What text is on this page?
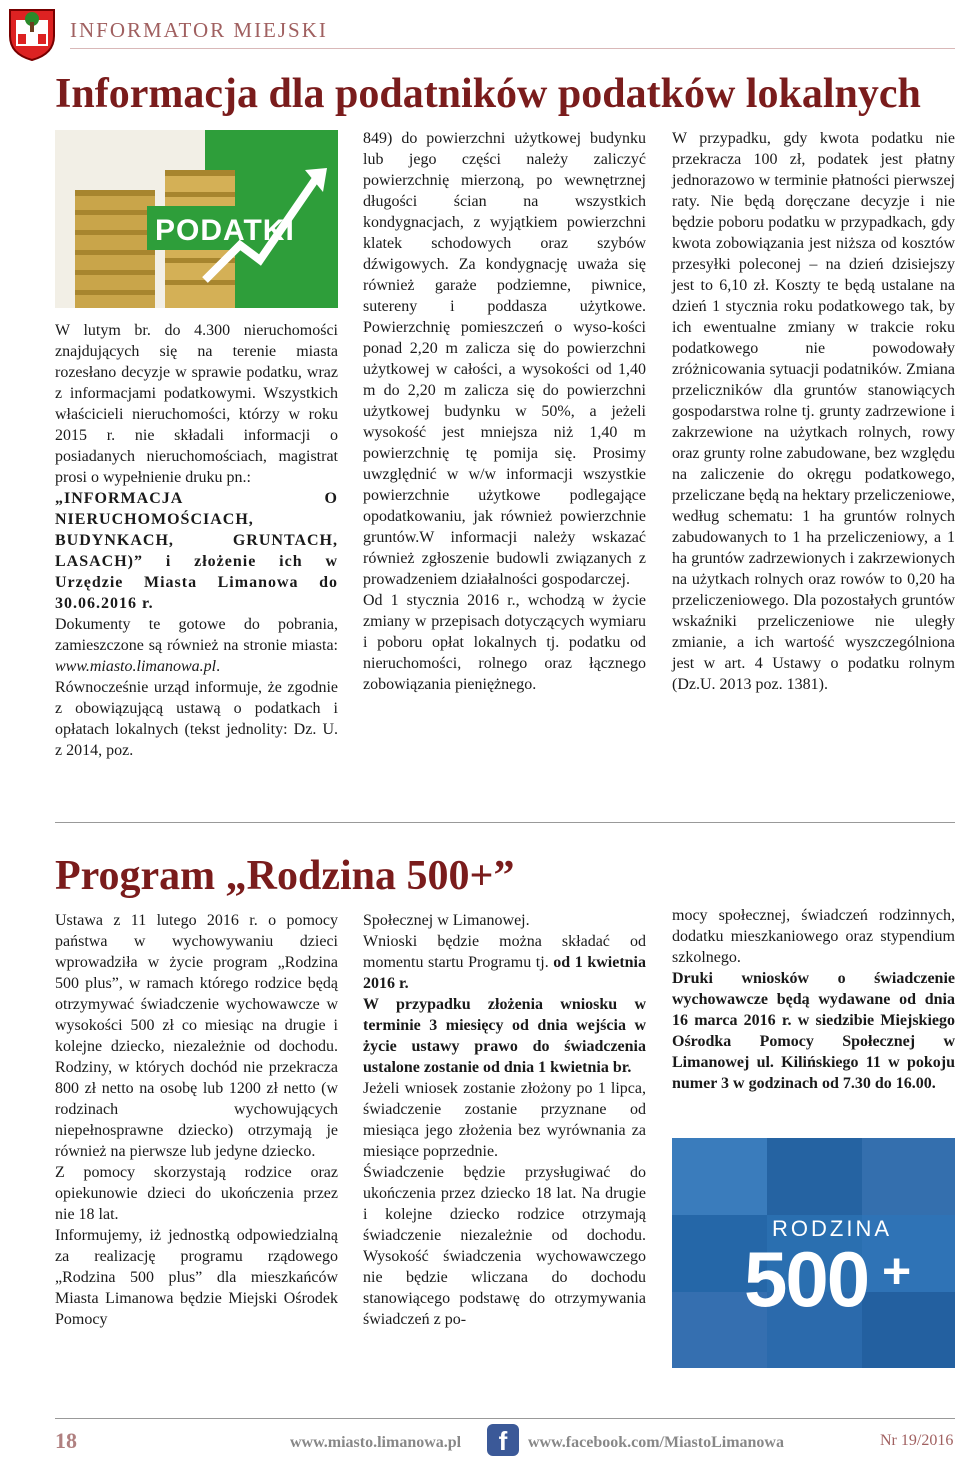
INFORMATOR MIEJSKI
Informacja dla podatników podatków lokalnych
PODATKI

W lutym br. do 4.300 nieruchomości znajdujących się na terenie miasta rozesłano decyzje w sprawie podatku, wraz z informacjami podatkowymi. Wszystkich właścicieli nieruchomości, którzy w roku 2015 r. nie składali informacji o posiadanych nieruchomościach, magistrat prosi o wypełnienie druku pn.:

„INFORMACJA O NIERUCHOMOŚCIACH, BUDYNKACH, GRUNTACH, LASACH)” i złożenie ich w Urzędzie Miasta Limanowa do 30.06.2016 r.

Dokumenty te gotowe do pobrania, zamieszczone są również na stronie miasta: www.miasto.limanowa.pl.

Równocześnie urząd informuje, że zgodnie z obowiązującą ustawą o podatkach i opłatach lokalnych (tekst jednolity: Dz. U. z 2014, poz.

849) do powierzchni użytkowej budynku lub jego części należy zaliczyć powierzchnię mierzoną, po wewnętrznej długości ścian na wszystkich kondygnacjach, z wyjątkiem powierzchni klatek schodowych oraz szybów dźwigowych. Za kondygnację uważa się również garaże podziemne, piwnice, sutereny i poddasza użytkowe. Powierzchnię pomieszczeń o wyso-kości ponad 2,20 m zalicza się do powierzchni użytkowej w całości, a wysokości od 1,40 m do 2,20 m zalicza się do powierzchni użytkowej budynku w 50%, a jeżeli wysokość jest mniejsza niż 1,40 m powierzchnię tę pomija się. Prosimy uwzględnić w w/w informacji wszystkie powierzchnie użytkowe podlegające opodatkowaniu, jak również powierzchnie gruntów.W informacji należy wskazać również zgłoszenie budowli związanych z prowadzeniem działalności gospodarczej.

Od 1 stycznia 2016 r., wchodzą w życie zmiany w przepisach dotyczących wymiaru i poboru opłat lokalnych tj. podatku od nieruchomości, rolnego oraz łącznego zobowiązania pieniężnego.

W przypadku, gdy kwota podatku nie przekracza 100 zł, podatek jest płatny jednorazowo w terminie płatności pierwszej raty. Nie będą doręczane decyzje i nie będzie poboru podatku w przypadkach, gdy kwota zobowiązania jest niższa od kosztów przesyłki poleconej – na dzień dzisiejszy jest to 6,10 zł. Koszty te będą ustalane na dzień 1 stycznia roku podatkowego tak, by ich ewentualne zmiany w trakcie roku podatkowego nie powodowały zróżnicowania sytuacji podatników. Zmiana przeliczników dla gruntów stanowiących gospodarstwa rolne tj. grunty zadrzewione i zakrzewione na użytkach rolnych, rowy oraz grunty rolne zabudowane, bez względu na zaliczenie do okręgu podatkowego, przeliczane będą na hektary przeliczeniowe, według schematu: 1 ha gruntów rolnych zabudowanych to 1 ha przeliczeniowy, a 1 ha gruntów zadrzewionych i zakrzewionych na użytkach rolnych oraz rowów to 0,20 ha przeliczeniowego. Dla pozostałych gruntów wskaźniki przeliczeniowe nie uległy zmianie, a ich wartość wyszczególniona jest w art. 4 Ustawy o podatku rolnym (Dz.U. 2013 poz. 1381).

Program „Rodzina 500+”

Ustawa z 11 lutego 2016 r. o pomocy państwa w wychowywaniu dzieci wprowadziła w życie program „Rodzina 500 plus”, w ramach którego rodzice będą otrzymywać świadczenie wychowawcze w wysokości 500 zł co miesiąc na drugie i kolejne dziecko, niezależnie od dochodu. Rodziny, w których dochód nie przekracza 800 zł netto na osobę lub 1200 zł netto (w rodzinach wychowujących niepełnosprawne dziecko) otrzymają je również na pierwsze lub jedyne dziecko.

Z pomocy skorzystają rodzice oraz opiekunowie dzieci do ukończenia przez nie 18 lat.

Informujemy, iż jednostką odpowiedzialną za realizację programu rządowego „Rodzina 500 plus” dla mieszkańców Miasta Limanowa będzie Miejski Ośrodek Pomocy

Społecznej w Limanowej.

Wnioski będzie można składać od momentu startu Programu tj. od 1 kwietnia 2016 r.

W przypadku złożenia wniosku w terminie 3 miesięcy od dnia wejścia w życie ustawy prawo do świadczenia ustalone zostanie od dnia 1 kwietnia br.

Jeżeli wniosek zostanie złożony po 1 lipca, świadczenie zostanie przyznane od miesiąca jego złożenia bez wyrównania za miesiące poprzednie.

Świadczenie będzie przysługiwać do ukończenia przez dziecko 18 lat. Na drugie i kolejne dziecko rodzice otrzymają świadczenie niezależnie od dochodu. Wysokość świadczenia wychowawczego nie będzie wliczana do dochodu stanowiącego podstawę do otrzymywania świadczeń z po-

mocy społecznej, świadczeń rodzinnych, dodatku mieszkaniowego oraz stypendium szkolnego.

Druki wniosków o świadczenie wychowawcze będą wydawane od dnia 16 marca 2016 r. w siedzibie Miejskiego Ośrodka Pomocy Społecznej w Limanowej ul. Kilińskiego 11 w pokoju numer 3 w godzinach od 7.30 do 16.00.

RODZINA
500 +
18	www.miasto.limanowa.pl	f	www.facebook.com/MiastoLimanowa	Nr 19/2016
